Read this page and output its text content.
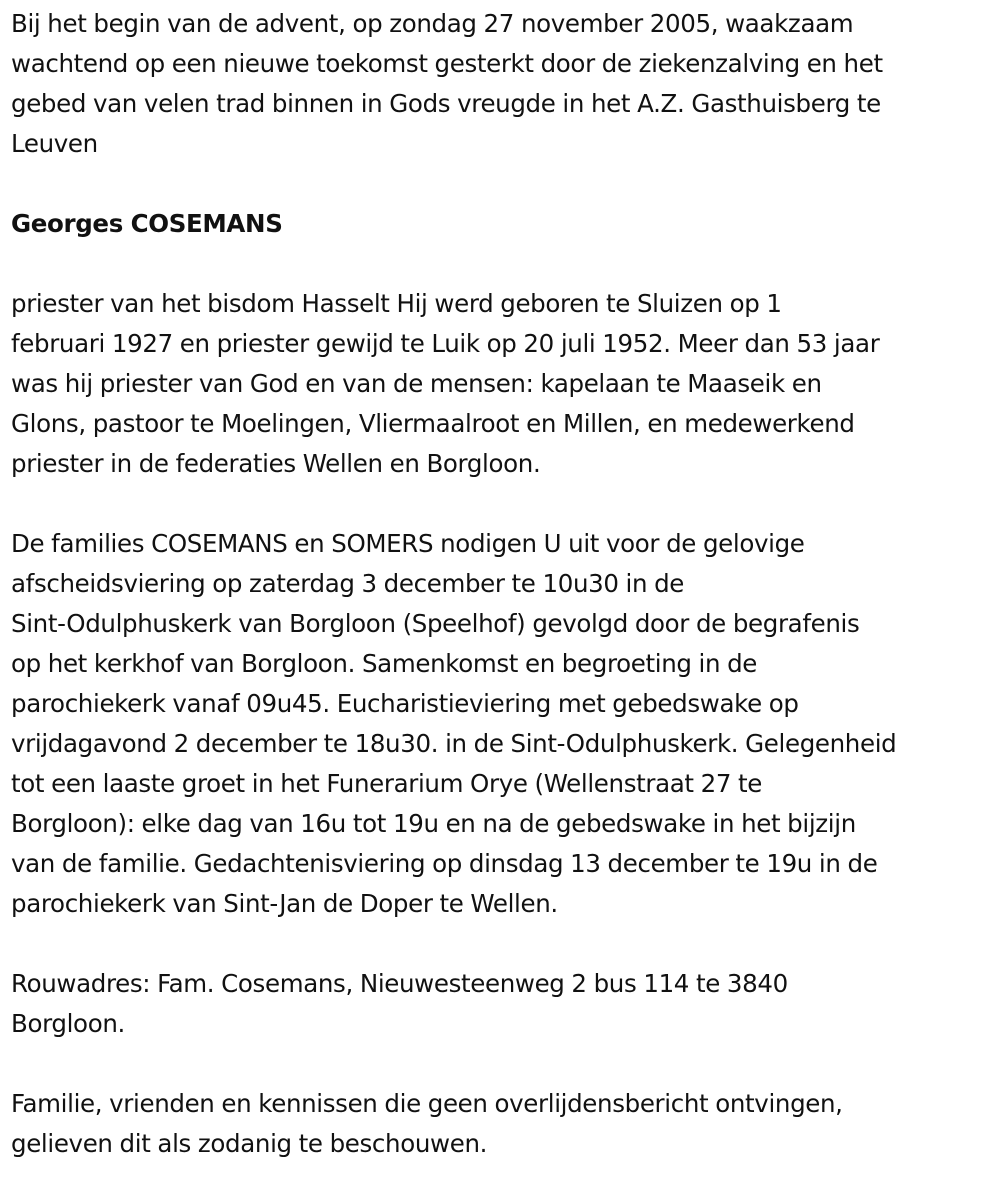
Bij het begin van de advent, op zondag 27 november 2005, waakzaam
wachtend op een nieuwe toekomst gesterkt door de ziekenzalving en het
gebed van velen trad binnen in Gods vreugde in het A.Z. Gasthuisberg te
Leuven

Georges COSEMANS

priester van het bisdom Hasselt Hij werd geboren te Sluizen op 1
februari 1927 en priester gewijd te Luik op 20 juli 1952. Meer dan 53 jaar
was hij priester van God en van de mensen: kapelaan te Maaseik en
Glons, pastoor te Moelingen, Vliermaalroot en Millen, en medewerkend
priester in de federaties Wellen en Borgloon.

De families COSEMANS en SOMERS nodigen U uit voor de gelovige
afscheidsviering op zaterdag 3 december te 10u30 in de
Sint-Odulphuskerk van Borgloon (Speelhof) gevolgd door de begrafenis
op het kerkhof van Borgloon. Samenkomst en begroeting in de
parochiekerk vanaf 09u45. Eucharistieviering met gebedswake op
vrijdagavond 2 december te 18u30. in de Sint-Odulphuskerk. Gelegenheid
tot een laaste groet in het Funerarium Orye (Wellenstraat 27 te
Borgloon): elke dag van 16u tot 19u en na de gebedswake in het bijzijn
van de familie. Gedachtenisviering op dinsdag 13 december te 19u in de
parochiekerk van Sint-Jan de Doper te Wellen.

Rouwadres: Fam. Cosemans, Nieuwesteenweg 2 bus 114 te 3840
Borgloon.

Familie, vrienden en kennissen die geen overlijdensbericht ontvingen,
gelieven dit als zodanig te beschouwen.
